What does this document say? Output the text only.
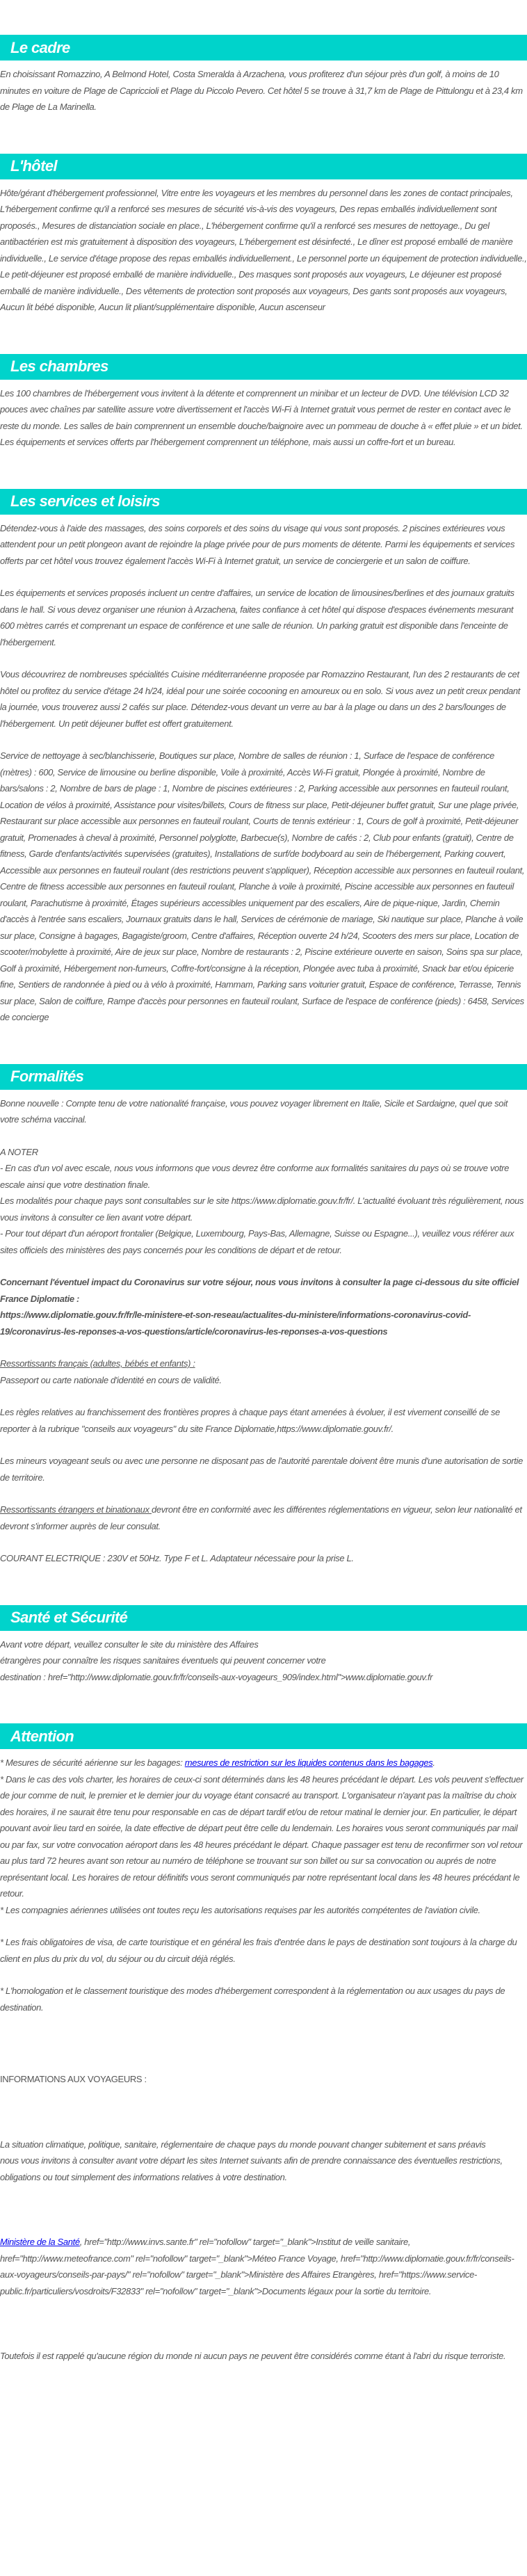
Le cadre

En choisissant Romazzino, A Belmond Hotel, Costa Smeralda à Arzachena, vous profiterez d'un séjour près d'un golf, à moins de 10 minutes en voiture de Plage de Capriccioli et Plage du Piccolo Pevero. Cet hôtel 5 se trouve à 31,7 km de Plage de Pittulongu et à 23,4 km de Plage de La Marinella.

L'hôtel

Hôte/gérant d'hébergement professionnel, Vitre entre les voyageurs et les membres du personnel dans les zones de contact principales, L'hébergement confirme qu'il a renforcé ses mesures de sécurité vis-à-vis des voyageurs, Des repas emballés individuellement sont proposés., Mesures de distanciation sociale en place., L'hébergement confirme qu'il a renforcé ses mesures de nettoyage., Du gel antibactérien est mis gratuitement à disposition des voyageurs, L'hébergement est désinfecté., Le dîner est proposé emballé de manière individuelle., Le service d'étage propose des repas emballés individuellement., Le personnel porte un équipement de protection individuelle., Le petit-déjeuner est proposé emballé de manière individuelle., Des masques sont proposés aux voyageurs, Le déjeuner est proposé emballé de manière individuelle., Des vêtements de protection sont proposés aux voyageurs, Des gants sont proposés aux voyageurs, Aucun lit bébé disponible, Aucun lit pliant/supplémentaire disponible, Aucun ascenseur

Les chambres

Les 100 chambres de l'hébergement vous invitent à la détente et comprennent un minibar et un lecteur de DVD. Une télévision LCD 32 pouces avec chaînes par satellite assure votre divertissement et l'accès Wi-Fi à Internet gratuit vous permet de rester en contact avec le reste du monde. Les salles de bain comprennent un ensemble douche/baignoire avec un pommeau de douche à « effet pluie » et un bidet. Les équipements et services offerts par l'hébergement comprennent un téléphone, mais aussi un coffre-fort et un bureau.

Les services et loisirs

Détendez-vous à l'aide des massages, des soins corporels et des soins du visage qui vous sont proposés. 2 piscines extérieures vous attendent pour un petit plongeon avant de rejoindre la plage privée pour de purs moments de détente. Parmi les équipements et services offerts par cet hôtel vous trouvez également l'accès Wi-Fi à Internet gratuit, un service de conciergerie et un salon de coiffure.

Les équipements et services proposés incluent un centre d'affaires, un service de location de limousines/berlines et des journaux gratuits dans le hall. Si vous devez organiser une réunion à Arzachena, faites confiance à cet hôtel qui dispose d'espaces événements mesurant 600 mètres carrés et comprenant un espace de conférence et une salle de réunion. Un parking gratuit est disponible dans l'enceinte de l'hébergement.

Vous découvrirez de nombreuses spécialités Cuisine méditerranéenne proposée par Romazzino Restaurant, l'un des 2 restaurants de cet hôtel ou profitez du service d'étage 24 h/24, idéal pour une soirée cocooning en amoureux ou en solo. Si vous avez un petit creux pendant la journée, vous trouverez aussi 2 cafés sur place. Détendez-vous devant un verre au bar à la plage ou dans un des 2 bars/lounges de l'hébergement. Un petit déjeuner buffet est offert gratuitement.

Service de nettoyage à sec/blanchisserie, Boutiques sur place, Nombre de salles de réunion : 1, Surface de l'espace de conférence (mètres) : 600, Service de limousine ou berline disponible, Voile à proximité, Accès Wi-Fi gratuit, Plongée à proximité, Nombre de bars/salons : 2, Nombre de bars de plage : 1, Nombre de piscines extérieures : 2, Parking accessible aux personnes en fauteuil roulant, Location de vélos à proximité, Assistance pour visites/billets, Cours de fitness sur place, Petit-déjeuner buffet gratuit, Sur une plage privée, Restaurant sur place accessible aux personnes en fauteuil roulant, Courts de tennis extérieur : 1, Cours de golf à proximité, Petit-déjeuner gratuit, Promenades à cheval à proximité, Personnel polyglotte, Barbecue(s), Nombre de cafés : 2, Club pour enfants (gratuit), Centre de fitness, Garde d'enfants/activités supervisées (gratuites), Installations de surf/de bodyboard au sein de l'hébergement, Parking couvert, Accessible aux personnes en fauteuil roulant (des restrictions peuvent s'appliquer), Réception accessible aux personnes en fauteuil roulant, Centre de fitness accessible aux personnes en fauteuil roulant, Planche à voile à proximité, Piscine accessible aux personnes en fauteuil roulant, Parachutisme à proximité, Étages supérieurs accessibles uniquement par des escaliers, Aire de pique-nique, Jardin, Chemin d'accès à l'entrée sans escaliers, Journaux gratuits dans le hall, Services de cérémonie de mariage, Ski nautique sur place, Planche à voile sur place, Consigne à bagages, Bagagiste/groom, Centre d'affaires, Réception ouverte 24 h/24, Scooters des mers sur place, Location de scooter/mobylette à proximité, Aire de jeux sur place, Nombre de restaurants : 2, Piscine extérieure ouverte en saison, Soins spa sur place, Golf à proximité, Hébergement non-fumeurs, Coffre-fort/consigne à la réception, Plongée avec tuba à proximité, Snack bar et/ou épicerie fine, Sentiers de randonnée à pied ou à vélo à proximité, Hammam, Parking sans voiturier gratuit, Espace de conférence, Terrasse, Tennis sur place, Salon de coiffure, Rampe d'accès pour personnes en fauteuil roulant, Surface de l'espace de conférence (pieds) : 6458, Services de concierge

Formalités

Bonne nouvelle : Compte tenu de votre nationalité française, vous pouvez voyager librement en Italie, Sicile et Sardaigne, quel que soit votre schéma vaccinal.

A NOTER
- En cas d'un vol avec escale, nous vous informons que vous devrez être conforme aux formalités sanitaires du pays où se trouve votre escale ainsi que votre destination finale.
Les modalités pour chaque pays sont consultables sur le site https://www.diplomatie.gouv.fr/fr/. L'actualité évoluant très régulièrement, nous vous invitons à consulter ce lien avant votre départ.
- Pour tout départ d'un aéroport frontalier (Belgique, Luxembourg, Pays-Bas, Allemagne, Suisse ou Espagne...), veuillez vous référer aux sites officiels des ministères des pays concernés pour les conditions de départ et de retour.

Concernant l'éventuel impact du Coronavirus sur votre séjour, nous vous invitons à consulter la page ci-dessous du site officiel France Diplomatie :
https://www.diplomatie.gouv.fr/fr/le-ministere-et-son-reseau/actualites-du-ministere/informations-coronavirus-covid-19/coronavirus-les-reponses-a-vos-questions/article/coronavirus-les-reponses-a-vos-questions

Ressortissants français (adultes, bébés et enfants) :
Passeport ou carte nationale d'identité en cours de validité.

Les règles relatives au franchissement des frontières propres à chaque pays étant amenées à évoluer, il est vivement conseillé de se reporter à la rubrique "conseils aux voyageurs" du site France Diplomatie,https://www.diplomatie.gouv.fr/.

Les mineurs voyageant seuls ou avec une personne ne disposant pas de l'autorité parentale doivent être munis d'une autorisation de sortie de territoire.

Ressortissants étrangers et binationaux devront être en conformité avec les différentes réglementations en vigueur, selon leur nationalité et devront s'informer auprès de leur consulat.

COURANT ELECTRIQUE : 230V et 50Hz. Type F et L. Adaptateur nécessaire pour la prise L.

Santé et Sécurité

Avant votre départ, veuillez consulter le site du ministère des Affaires
étrangères pour connaître les risques sanitaires éventuels qui peuvent concerner votre
destination : href="http://www.diplomatie.gouv.fr/fr/conseils-aux-voyageurs_909/index.html">www.diplomatie.gouv.fr

Attention

* Mesures de sécurité aérienne sur les bagages: mesures de restriction sur les liquides contenus dans les bagages.
* Dans le cas des vols charter, les horaires de ceux-ci sont déterminés dans les 48 heures précédant le départ. Les vols peuvent s'effectuer de jour comme de nuit, le premier et le dernier jour du voyage étant consacré au transport. L'organisateur n'ayant pas la maîtrise du choix des horaires, il ne saurait être tenu pour responsable en cas de départ tardif et/ou de retour matinal le dernier jour. En particulier, le départ pouvant avoir lieu tard en soirée, la date effective de départ peut être celle du lendemain. Les horaires vous seront communiqués par mail ou par fax, sur votre convocation aéroport dans les 48 heures précédant le départ. Chaque passager est tenu de reconfirmer son vol retour au plus tard 72 heures avant son retour au numéro de téléphone se trouvant sur son billet ou sur sa convocation ou auprés de notre représentant local. Les horaires de retour définitifs vous seront communiqués par notre représentant local dans les 48 heures précédant le retour.
* Les compagnies aériennes utilisées ont toutes reçu les autorisations requises par les autorités compétentes de l'aviation civile.

* Les frais obligatoires de visa, de carte touristique et en général les frais d'entrée dans le pays de destination sont toujours à la charge du client en plus du prix du vol, du séjour ou du circuit déjà réglés.

* L'homologation et le classement touristique des modes d'hébergement correspondent à la réglementation ou aux usages du pays de destination.

INFORMATIONS AUX VOYAGEURS :

La situation climatique, politique, sanitaire, réglementaire de chaque pays du monde pouvant changer subitement et sans préavis
nous vous invitons à consulter avant votre départ les sites Internet suivants afin de prendre connaissance des éventuelles restrictions, obligations ou tout simplement des informations relatives à votre destination.

Ministère de la Santé, href="http://www.invs.sante.fr" rel="nofollow" target="_blank">Institut de veille sanitaire, href="http://www.meteofrance.com" rel="nofollow" target="_blank">Méteo France Voyage, href="http://www.diplomatie.gouv.fr/fr/conseils-aux-voyageurs/conseils-par-pays/" rel="nofollow" target="_blank">Ministère des Affaires Etrangères, href="https://www.service-public.fr/particuliers/vosdroits/F32833" rel="nofollow" target="_blank">Documents légaux pour la sortie du territoire.

Toutefois il est rappelé qu'aucune région du monde ni aucun pays ne peuvent être considérés comme étant à l'abri du risque terroriste.
